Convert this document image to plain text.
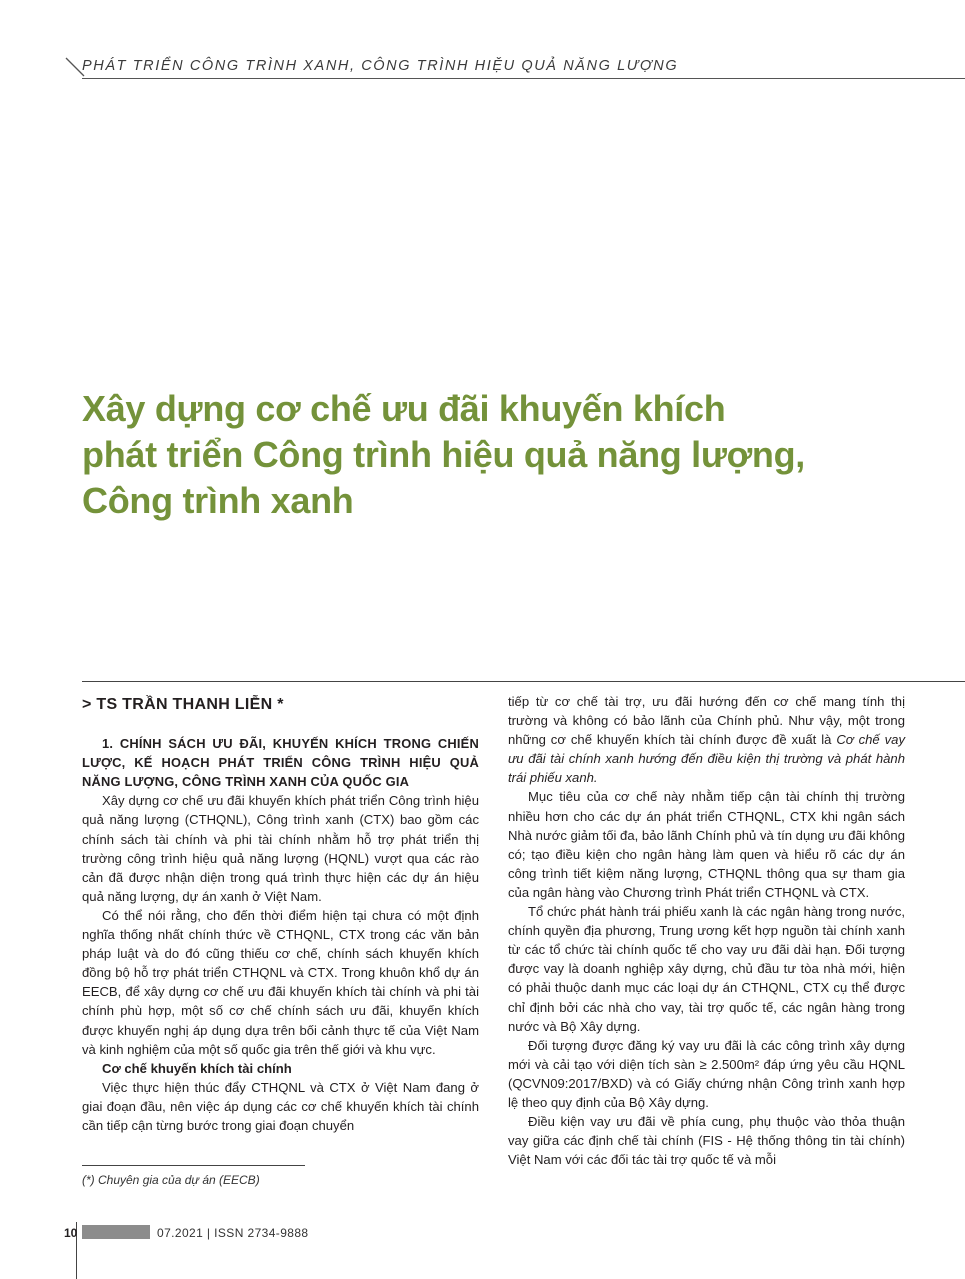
PHÁT TRIỂN CÔNG TRÌNH XANH, CÔNG TRÌNH HIỆU QUẢ NĂNG LƯỢNG
Xây dựng cơ chế ưu đãi khuyến khích
phát triển Công trình hiệu quả năng lượng,
Công trình xanh
> TS TRẦN THANH LIỄN *

1. CHÍNH SÁCH ƯU ĐÃI, KHUYẾN KHÍCH TRONG CHIẾN LƯỢC, KẾ HOẠCH PHÁT TRIỂN CÔNG TRÌNH HIỆU QUẢ NĂNG LƯỢNG, CÔNG TRÌNH XANH CỦA QUỐC GIA

Xây dựng cơ chế ưu đãi khuyến khích phát triển Công trình hiệu quả năng lượng (CTHQNL), Công trình xanh (CTX) bao gồm các chính sách tài chính và phi tài chính nhằm hỗ trợ phát triển thị trường công trình hiệu quả năng lượng (HQNL) vượt qua các rào cản đã được nhận diện trong quá trình thực hiện các dự án hiệu quả năng lượng, dự án xanh ở Việt Nam.

Có thể nói rằng, cho đến thời điểm hiện tại chưa có một định nghĩa thống nhất chính thức về CTHQNL, CTX trong các văn bản pháp luật và do đó cũng thiếu cơ chế, chính sách khuyến khích đồng bộ hỗ trợ phát triển CTHQNL và CTX. Trong khuôn khổ dự án EECB, để xây dựng cơ chế ưu đãi khuyến khích tài chính và phi tài chính phù hợp, một số cơ chế chính sách ưu đãi, khuyến khích được khuyến nghị áp dụng dựa trên bối cảnh thực tế của Việt Nam và kinh nghiệm của một số quốc gia trên thế giới và khu vực.

Cơ chế khuyến khích tài chính

Việc thực hiện thúc đẩy CTHQNL và CTX ở Việt Nam đang ở giai đoạn đầu, nên việc áp dụng các cơ chế khuyến khích tài chính cần tiếp cận từng bước trong giai đoạn chuyển

tiếp từ cơ chế tài trợ, ưu đãi hướng đến cơ chế mang tính thị trường và không có bảo lãnh của Chính phủ. Như vậy, một trong những cơ chế khuyến khích tài chính được đề xuất là Cơ chế vay ưu đãi tài chính xanh hướng đến điều kiện thị trường và phát hành trái phiếu xanh.

Mục tiêu của cơ chế này nhằm tiếp cận tài chính thị trường nhiều hơn cho các dự án phát triển CTHQNL, CTX khi ngân sách Nhà nước giảm tối đa, bảo lãnh Chính phủ và tín dụng ưu đãi không có; tạo điều kiện cho ngân hàng làm quen và hiểu rõ các dự án công trình tiết kiệm năng lượng, CTHQNL thông qua sự tham gia của ngân hàng vào Chương trình Phát triển CTHQNL và CTX.

Tổ chức phát hành trái phiếu xanh là các ngân hàng trong nước, chính quyền địa phương, Trung ương kết hợp nguồn tài chính xanh từ các tổ chức tài chính quốc tế cho vay ưu đãi dài hạn. Đối tượng được vay là doanh nghiệp xây dựng, chủ đầu tư tòa nhà mới, hiện có phải thuộc danh mục các loại dự án CTHQNL, CTX cụ thể được chỉ định bởi các nhà cho vay, tài trợ quốc tế, các ngân hàng trong nước và Bộ Xây dựng.

Đối tượng được đăng ký vay ưu đãi là các công trình xây dựng mới và cải tạo với diện tích sàn ≥ 2.500m² đáp ứng yêu cầu HQNL (QCVN09:2017/BXD) và có Giấy chứng nhận Công trình xanh hợp lệ theo quy định của Bộ Xây dựng.

Điều kiện vay ưu đãi về phía cung, phụ thuộc vào thỏa thuận vay giữa các định chế tài chính (FIS - Hệ thống thông tin tài chính) Việt Nam với các đối tác tài trợ quốc tế và mỗi

(*) Chuyên gia của dự án (EECB)
10	07.2021 | ISSN 2734-9888
